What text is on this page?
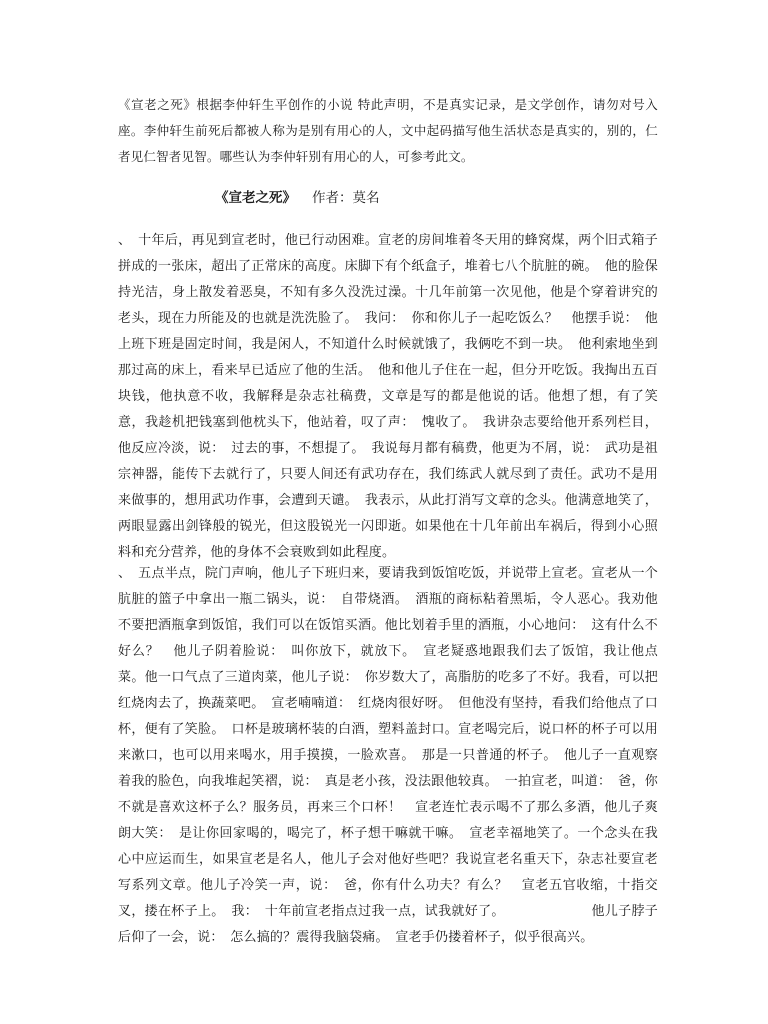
《宣老之死》根据李仲轩生平创作的小说 特此声明，不是真实记录，是文学创作，请勿对号入座。李仲轩生前死后都被人称为是别有用心的人，文中起码描写他生活状态是真实的，别的，仁者见仁智者见智。哪些认为李仲轩别有用心的人，可参考此文。
《宣老之死》 作者：莫名
、　十年后，再见到宣老时，他已行动困难。宣老的房间堆着冬天用的蜂窝煤，两个旧式箱子拼成的一张床，超出了正常床的高度。床脚下有个纸盒子，堆着七八个肮脏的碗。　他的脸保持光洁，身上散发着恶臭，不知有多久没洗过澡。十几年前第一次见他，他是个穿着讲究的老头，现在力所能及的也就是洗洗脸了。　我问：　你和你儿子一起吃饭么？　他摆手说：　他上班下班是固定时间，我是闲人，不知道什么时候就饿了，我俩吃不到一块。　他利索地坐到那过高的床上，看来早已适应了他的生活。　他和他儿子住在一起，但分开吃饭。我掏出五百块钱，他执意不收，我解释是杂志社稿费，文章是写的都是他说的话。他想了想，有了笑意，我趁机把钱塞到他枕头下，他站着，叹了声：　愧收了。　我讲杂志要给他开系列栏目，他反应冷淡，说：　过去的事，不想提了。　我说每月都有稿费，他更为不屑，说：　武功是祖宗神器，能传下去就行了，只要人间还有武功存在，我们练武人就尽到了责任。武功不是用来做事的，想用武功作事，会遭到天谴。　我表示，从此打消写文章的念头。他满意地笑了，两眼显露出剑锋般的锐光，但这股锐光一闪即逝。如果他在十几年前出车祸后，得到小心照料和充分营养，他的身体不会衰败到如此程度。
、　五点半点，院门声响，他儿子下班归来，要请我到饭馆吃饭，并说带上宣老。宣老从一个肮脏的篮子中拿出一瓶二锅头，说：　自带烧酒。　酒瓶的商标粘着黑垢，令人恶心。我劝他不要把酒瓶拿到饭馆，我们可以在饭馆买酒。他比划着手里的酒瓶，小心地问：　这有什么不好么？　他儿子阴着脸说：　叫你放下，就放下。　宣老疑惑地跟我们去了饭馆，我让他点菜。他一口气点了三道肉菜，他儿子说：　你岁数大了，高脂肪的吃多了不好。我看，可以把红烧肉去了，换蔬菜吧。　宣老喃喃道：　红烧肉很好呀。　但他没有坚持，看我们给他点了口杯，便有了笑脸。　口杯是玻璃杯装的白酒，塑料盖封口。宣老喝完后，说口杯的杯子可以用来漱口，也可以用来喝水，用手摸摸，一脸欢喜。　那是一只普通的杯子。　他儿子一直观察着我的脸色，向我堆起笑褶，说：　真是老小孩，没法跟他较真。　一拍宣老，叫道：　爸，你不就是喜欢这杯子么？服务员，再来三个口杯！　宣老连忙表示喝不了那么多酒，他儿子爽朗大笑：　是让你回家喝的，喝完了，杯子想干嘛就干嘛。　宣老幸福地笑了。一个念头在我心中应运而生，如果宣老是名人，他儿子会对他好些吧？我说宣老名重天下，杂志社要宣老写系列文章。他儿子冷笑一声，说：　爸，你有什么功夫？有么？　宣老五官收缩，十指交叉，搂在杯子上。　我：　十年前宣老指点过我一点，试我就好了。　　　　　　　他儿子脖子后仰了一会，说：　怎么搞的？震得我脑袋痛。　宣老手仍搂着杯子，似乎很高兴。
